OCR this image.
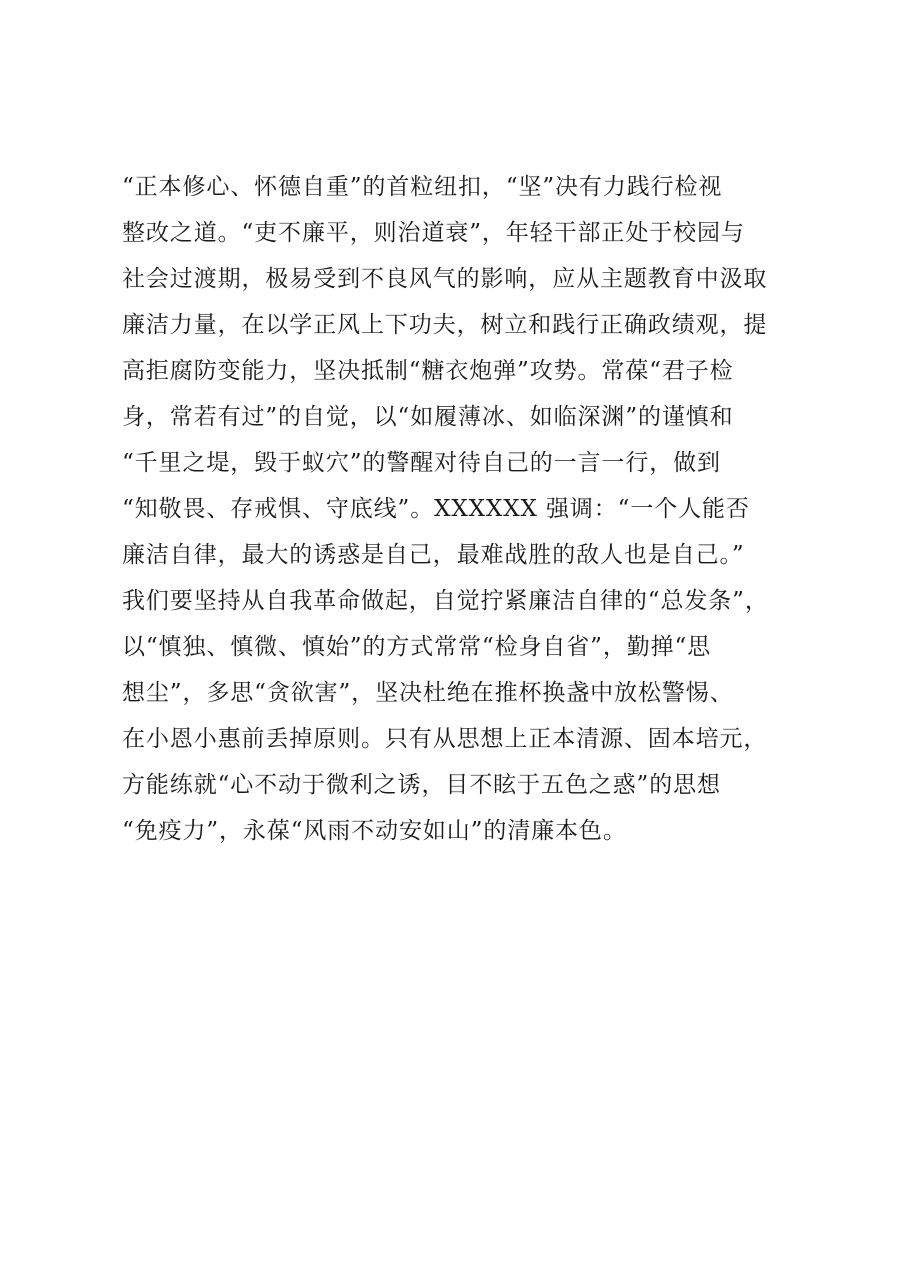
“正本修心、怀德自重”的首粒纽扣，“坚”决有力践行检视
整改之道。“吏不廉平，则治道衰”，年轻干部正处于校园与
社会过渡期，极易受到不良风气的影响，应从主题教育中汲取
廉洁力量，在以学正风上下功夫，树立和践行正确政绩观，提
高拒腐防变能力，坚决抵制“糖衣炮弹”攻势。常葆“君子检
身，常若有过”的自觉，以“如履薄冰、如临深渊”的谨慎和
“千里之堤，毁于蚁穴”的警醒对待自己的一言一行，做到
“知敬畏、存戒惧、守底线”。XXXXXX 强调：“一个人能否
廉洁自律，最大的诱惑是自己，最难战胜的敌人也是自己。”
我们要坚持从自我革命做起，自觉拧紧廉洁自律的“总发条”，
以“慎独、慎微、慎始”的方式常常“检身自省”，勤掸“思
想尘”，多思“贪欲害”，坚决杜绝在推杯换盏中放松警惕、
在小恩小惠前丢掉原则。只有从思想上正本清源、固本培元，
方能练就“心不动于微利之诱，目不眩于五色之惑”的思想
“免疫力”，永葆“风雨不动安如山”的清廉本色。
